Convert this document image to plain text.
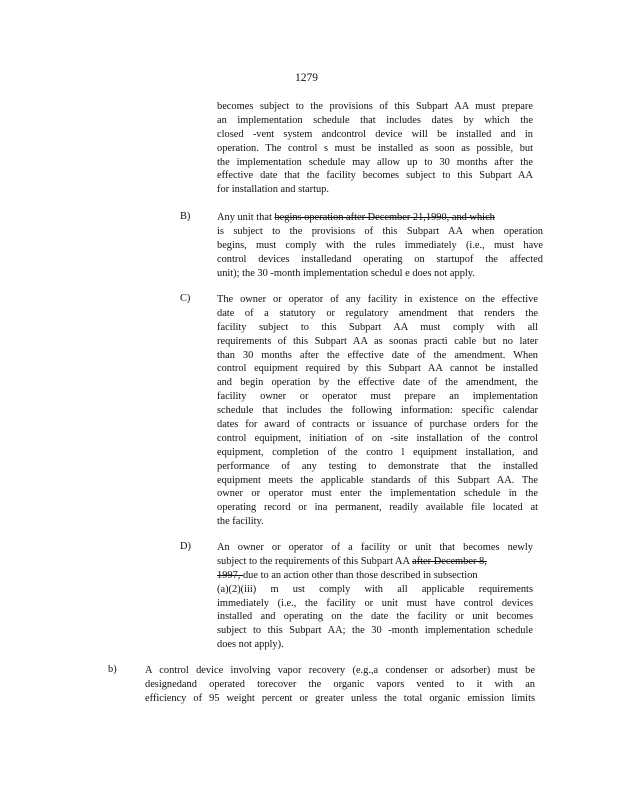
1279
becomes subject to the provisions of this Subpart AA must prepare
an implementation schedule that includes dates by which the
closed -vent system andcontrol device will be installed and in
operation. The control s must be installed as soon as possible, but
the implementation schedule may allow up to 30 months after the
effective date that the facility becomes subject to this Subpart AA
for installation and startup.
B)	Any unit that begins operation after December 21,1990, and which
is subject to the provisions of this Subpart AA when operation
begins, must comply with the rules immediately (i.e., must have
control devices installedand operating on startupof the affected
unit); the 30 -month implementation schedul e does not apply.
C)	The owner or operator of any facility in existence on the effective
date of a statutory or regulatory amendment that renders the
facility subject to this Subpart AA must comply with all
requirements of this Subpart AA as soonas practi cable but no later
than 30 months after the effective date of the amendment. When
control equipment required by this Subpart AA cannot be installed
and begin operation by the effective date of the amendment, the
facility owner or operator must prepare an implementation
schedule that includes the following information: specific calendar
dates for award of contracts or issuance of purchase orders for the
control equipment, initiation of on -site installation of the control
equipment, completion of the contro l equipment installation, and
performance of any testing to demonstrate that the installed
equipment meets the applicable standards of this Subpart AA. The
owner or operator must enter the implementation schedule in the
operating record or ina permanent, readily available file located at
the facility.
D)	An owner or operator of a facility or unit that becomes newly
subject to the requirements of this Subpart AA after December 8,
1997, due to an action other than those described in subsection
(a)(2)(iii) m ust comply with all applicable requirements
immediately (i.e., the facility or unit must have control devices
installed and operating on the date the facility or unit becomes
subject to this Subpart AA; the 30 -month implementation schedule
does not apply).
b)	A control device involving vapor recovery (e.g.,a condenser or adsorber) must be
designedand operated torecover the organic vapors vented to it with an
efficiency of 95 weight percent or greater unless the total organic emission limits
